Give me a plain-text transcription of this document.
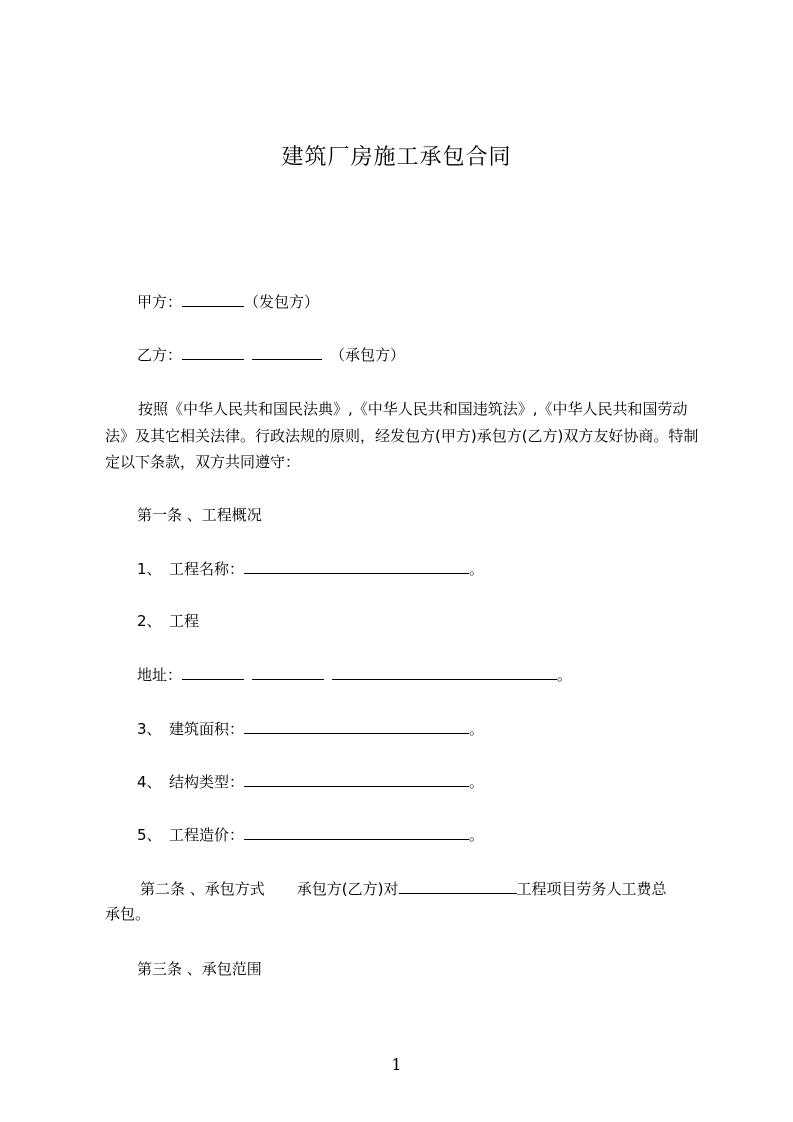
建筑厂房施工承包合同
甲方：	（发包方）
乙方：	（承包方）
按照《中华人民共和国民法典》,《中华人民共和国违筑法》,《中华人民共和国劳动法》及其它相关法律。行政法规的原则，经发包方(甲方)承包方(乙方)双方友好协商。特制定以下条款，双方共同遵守：
第一条 、工程概况
1、 工程名称：	。
2、 工程
地址：	。
3、 建筑面积：	。
4、 结构类型：	。
5、 工程造价：	。
第二条 、承包方式 承包方(乙方)对	工程项目劳务人工费总
承包。
第三条 、承包范围
1
